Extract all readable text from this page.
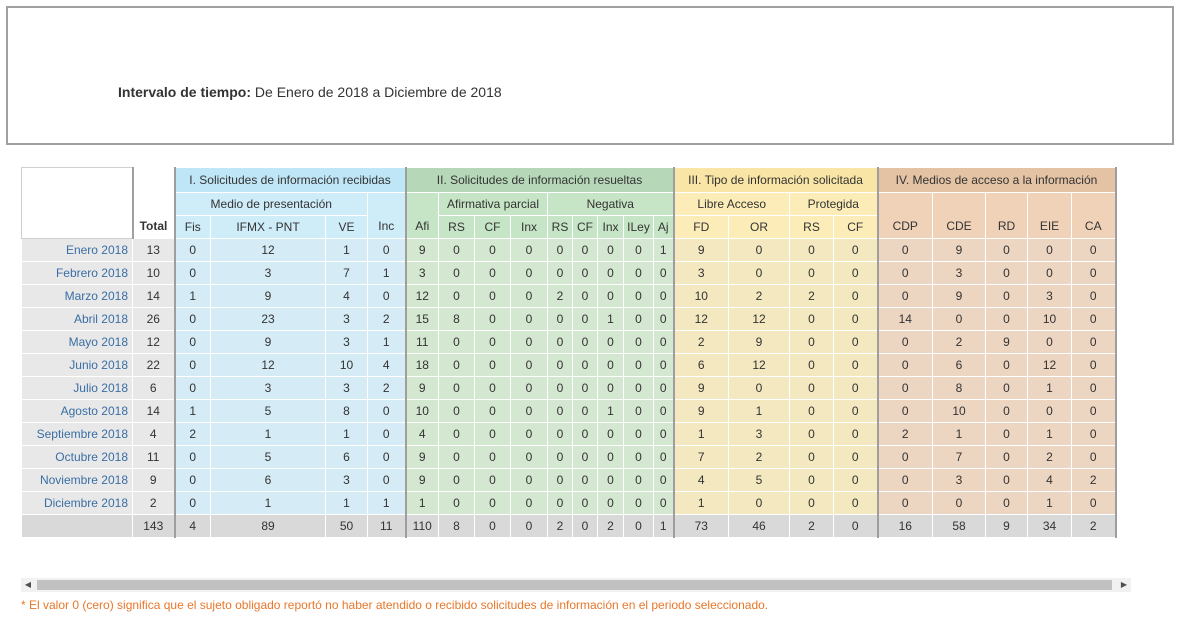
Intervalo de tiempo: De Enero de 2018 a Diciembre de 2018
	Total	I. Solicitudes de información recibidas				II. Solicitudes de información resueltas									III. Tipo de información solicitada				IV. Medios de acceso a la información				
		Medio de presentación			Inc	Afi	Afirmativa parcial			Negativa					Libre Acceso		Protegida		CDP	CDE	RD	EIE	CA
		Fis	IFMX - PNT	VE			RS	CF	Inx	RS	CF	Inx	ILey	Aj	FD	OR	RS	CF					
Enero 2018	13	0	12	1	0	9	0	0	0	0	0	0	0	1	9	0	0	0	0	9	0	0	0
Febrero 2018	10	0	3	7	1	3	0	0	0	0	0	0	0	0	3	0	0	0	0	3	0	0	0
Marzo 2018	14	1	9	4	0	12	0	0	0	2	0	0	0	0	10	2	2	0	0	9	0	3	0
Abril 2018	26	0	23	3	2	15	8	0	0	0	0	1	0	0	12	12	0	0	14	0	0	10	0
Mayo 2018	12	0	9	3	1	11	0	0	0	0	0	0	0	0	2	9	0	0	0	2	9	0	0
Junio 2018	22	0	12	10	4	18	0	0	0	0	0	0	0	0	6	12	0	0	0	6	0	12	0
Julio 2018	6	0	3	3	2	9	0	0	0	0	0	0	0	0	9	0	0	0	0	8	0	1	0
Agosto 2018	14	1	5	8	0	10	0	0	0	0	0	1	0	0	9	1	0	0	0	10	0	0	0
Septiembre 2018	4	2	1	1	0	4	0	0	0	0	0	0	0	0	1	3	0	0	2	1	0	1	0
Octubre 2018	11	0	5	6	0	9	0	0	0	0	0	0	0	0	7	2	0	0	0	7	0	2	0
Noviembre 2018	9	0	6	3	0	9	0	0	0	0	0	0	0	0	4	5	0	0	0	3	0	4	2
Diciembre 2018	2	0	1	1	1	1	0	0	0	0	0	0	0	0	1	0	0	0	0	0	0	1	0
	143	4	89	50	11	110	8	0	0	2	0	2	0	1	73	46	2	0	16	58	9	34	2
◀	▶
* El valor 0 (cero) significa que el sujeto obligado reportó no haber atendido o recibido solicitudes de información en el periodo seleccionado.
